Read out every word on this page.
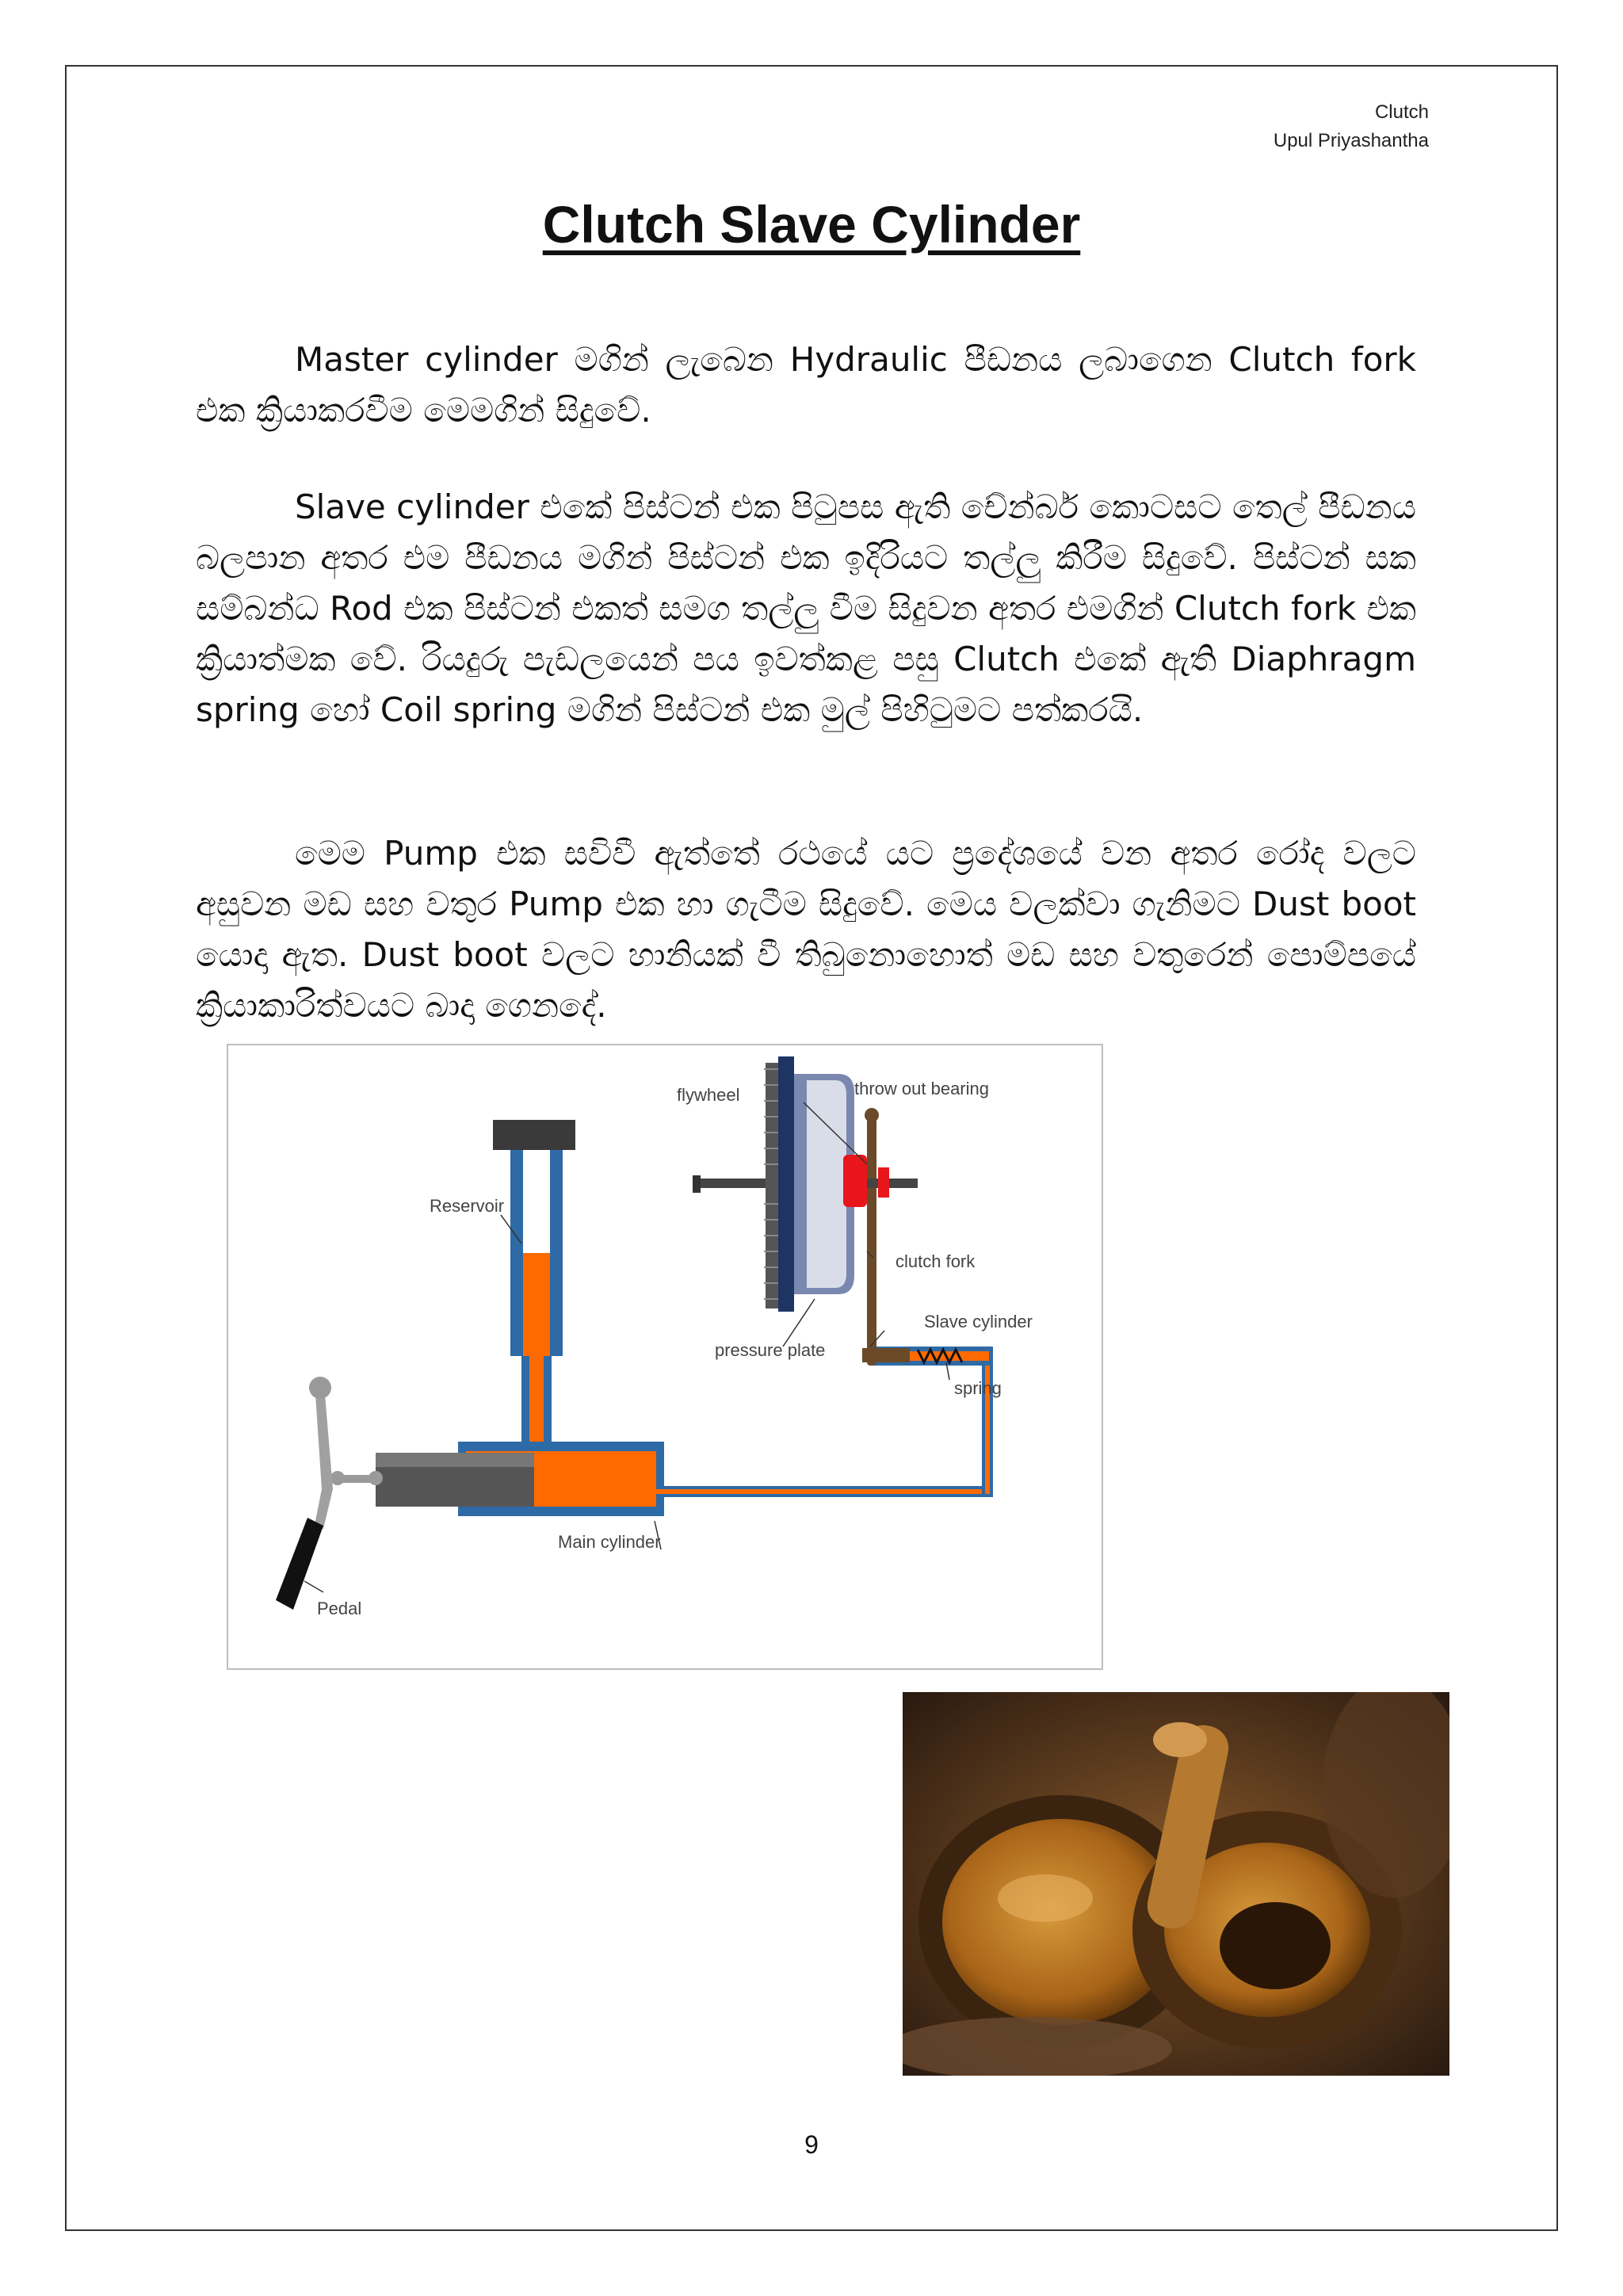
Clutch
Upul Priyashantha
Clutch Slave Cylinder
Master cylinder මගින් ලැබෙන Hydraulic පීඩනය ලබාගෙන Clutch fork එක ක්‍රියාකරවීම මෙමගින් සිදුවේ.
Slave cylinder එකේ පිස්ටන් එක පිටුපස ඇති චේන්බර් කොටසට තෙල් පීඩනය බලපාන අතර එම පීඩනය මගින් පිස්ටන් එක ඉදිරියට තල්ලු කිරීම සිදුවේ. පිස්ටන් සක සම්බන්ධ Rod එක පිස්ටන් එකත් සමග තල්ලු වීම සිදුවන අතර එමගින් Clutch fork එක ක්‍රියාත්මක වේ. රියදුරු පැඩලයෙන් පය ඉවත්කළ පසු Clutch එකේ ඇති Diaphragm spring හෝ Coil spring මගින් පිස්ටන් එක මුල් පිහිටුමට පත්කරයි.
මෙම Pump එක සවිවී ඇත්තේ රථයේ යට ප්‍රදේශයේ වන අතර රෝද වලට අසුවන මඩ සහ වතුර Pump එක හා ගැටීම සිදුවේ. මෙය වලක්වා ගැනිමට Dust boot යොදා ඇත. Dust boot වලට හානියක් වී තිබුනොහොත් මඩ සහ වතුරෙන් පොම්පයේ ක්‍රියාකාරිත්වයට බාදා ගෙනදේ.
flywheel	throw out bearing
Reservoir
clutch fork
Slave cylinder
pressure plate
spring
Main cylinder
Pedal
9
